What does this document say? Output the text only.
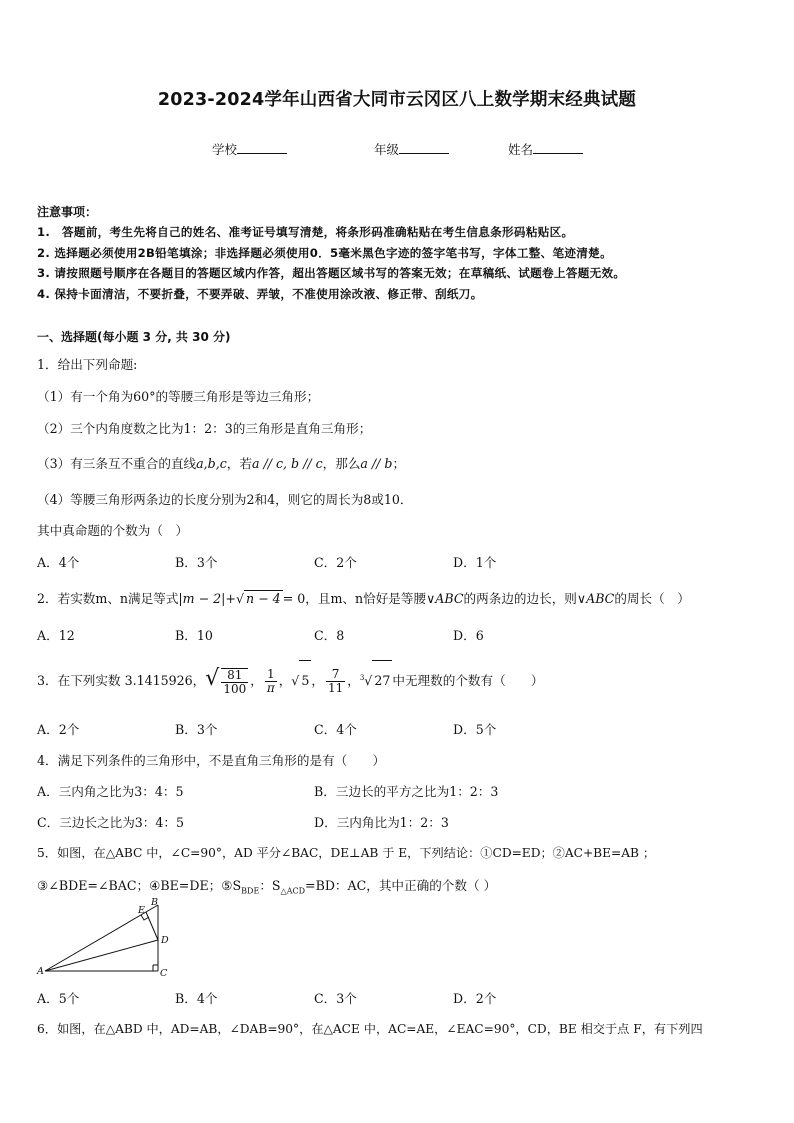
2023-2024学年山西省大同市云冈区八上数学期末经典试题
学校	年级	姓名
注意事项：
1.　答题前，考生先将自己的姓名、准考证号填写清楚，将条形码准确粘贴在考生信息条形码粘贴区。
2. 选择题必须使用2B铅笔填涂；非选择题必须使用0．5毫米黑色字迹的签字笔书写，字体工整、笔迹清楚。
3. 请按照题号顺序在各题目的答题区域内作答，超出答题区域书写的答案无效；在草稿纸、试题卷上答题无效。
4. 保持卡面清洁，不要折叠，不要弄破、弄皱，不准使用涂改液、修正带、刮纸刀。
一、选择题(每小题 3 分, 共 30 分)
1．给出下列命题:
（1）有一个角为60°的等腰三角形是等边三角形；
（2）三个内角度数之比为1：2：3的三角形是直角三角形；
（3）有三条互不重合的直线a,b,c，若a // c, b // c，那么a // b；
（4）等腰三角形两条边的长度分别为2和4，则它的周长为8或10．
其中真命题的个数为（　）
A．4个	B．3个	C．2个	D．1个
2．若实数m、n满足等式|m − 2|+√ n − 4 = 0，且m、n恰好是等腰∨ABC的两条边的边长，则∨ABC的周长（　）
A．12	B．10	C．8	D．6
3．在下列实数 3.1415926，√ $\frac{81}{100}$ ， $\frac{1}{\pi}$ ，√ 5 ， $\frac{7}{11}$ ，$^3$√ 27 中无理数的个数有（　　）
A．2个	B．3个	C．4个	D．5个
4．满足下列条件的三角形中，不是直角三角形的是有（　　）
A．三内角之比为3：4：5	B．三边长的平方之比为1：2：3
C．三边长之比为3：4：5	D．三内角比为1：2：3
5．如图，在△ABC 中，∠C=90°，AD 平分∠BAC，DE⊥AB 于 E，下列结论：①CD=ED；②AC+BE=AB ；
③∠BDE=∠BAC；④BE=DE；$⑤S_{BDE}$：$S_{\triangle ACD}=BD$：AC，其中正确的个数（ ）
A
B
C
D
E
A．5个	B．4个	C．3个	D．2个
6．如图，在△ABD 中，AD=AB，∠DAB=90°，在△ACE 中，AC=AE，∠EAC=90°，CD，BE 相交于点 F，有下列四
